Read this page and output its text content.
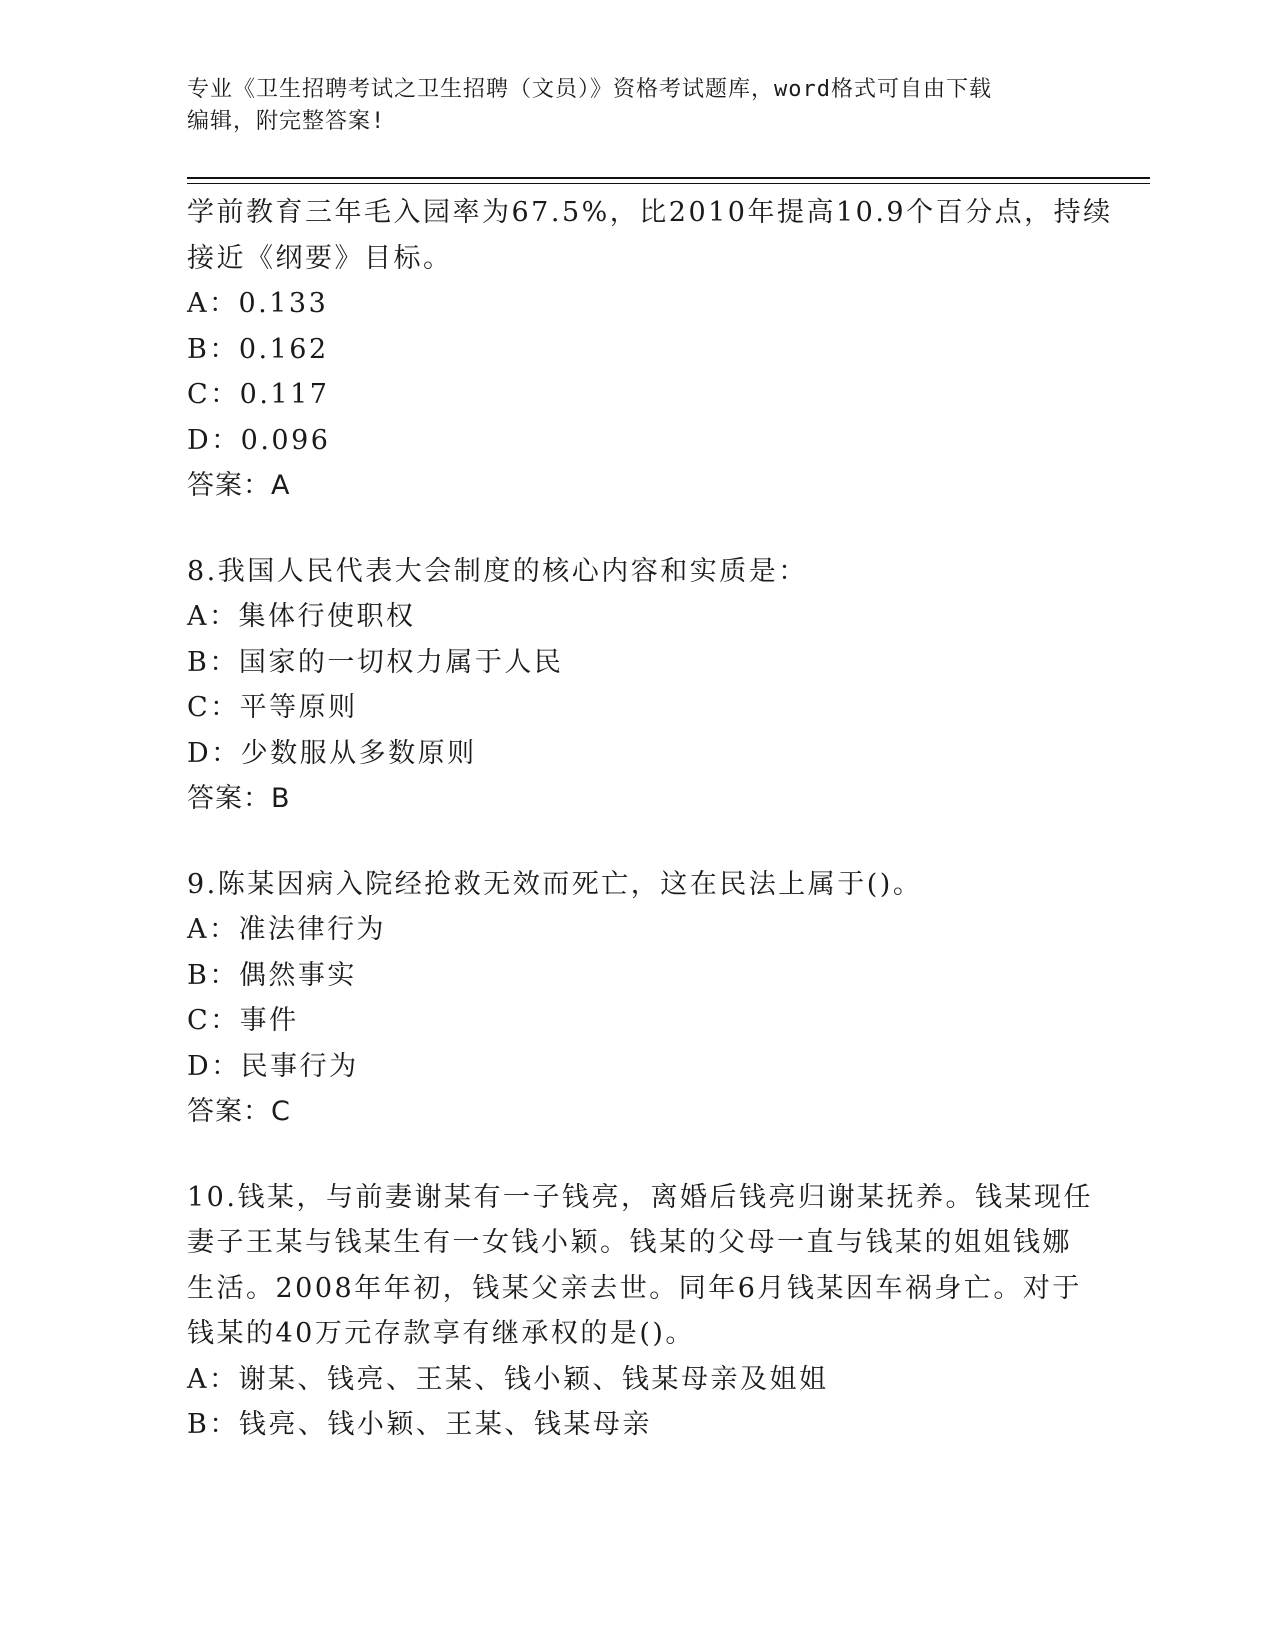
专业《卫生招聘考试之卫生招聘（文员）》资格考试题库，word格式可自由下载
编辑，附完整答案!
学前教育三年毛入园率为67.5%，比2010年提高10.9个百分点，持续
接近《纲要》目标。
A：0.133
B：0.162
C：0.117
D：0.096
答案：A
8.我国人民代表大会制度的核心内容和实质是：
A：集体行使职权
B：国家的一切权力属于人民
C：平等原则
D：少数服从多数原则
答案：B
9.陈某因病入院经抢救无效而死亡，这在民法上属于()。
A：准法律行为
B：偶然事实
C：事件
D：民事行为
答案：C
10.钱某，与前妻谢某有一子钱亮，离婚后钱亮归谢某抚养。钱某现任
妻子王某与钱某生有一女钱小颖。钱某的父母一直与钱某的姐姐钱娜
生活。2008年年初，钱某父亲去世。同年6月钱某因车祸身亡。对于
钱某的40万元存款享有继承权的是()。
A：谢某、钱亮、王某、钱小颖、钱某母亲及姐姐
B：钱亮、钱小颖、王某、钱某母亲
